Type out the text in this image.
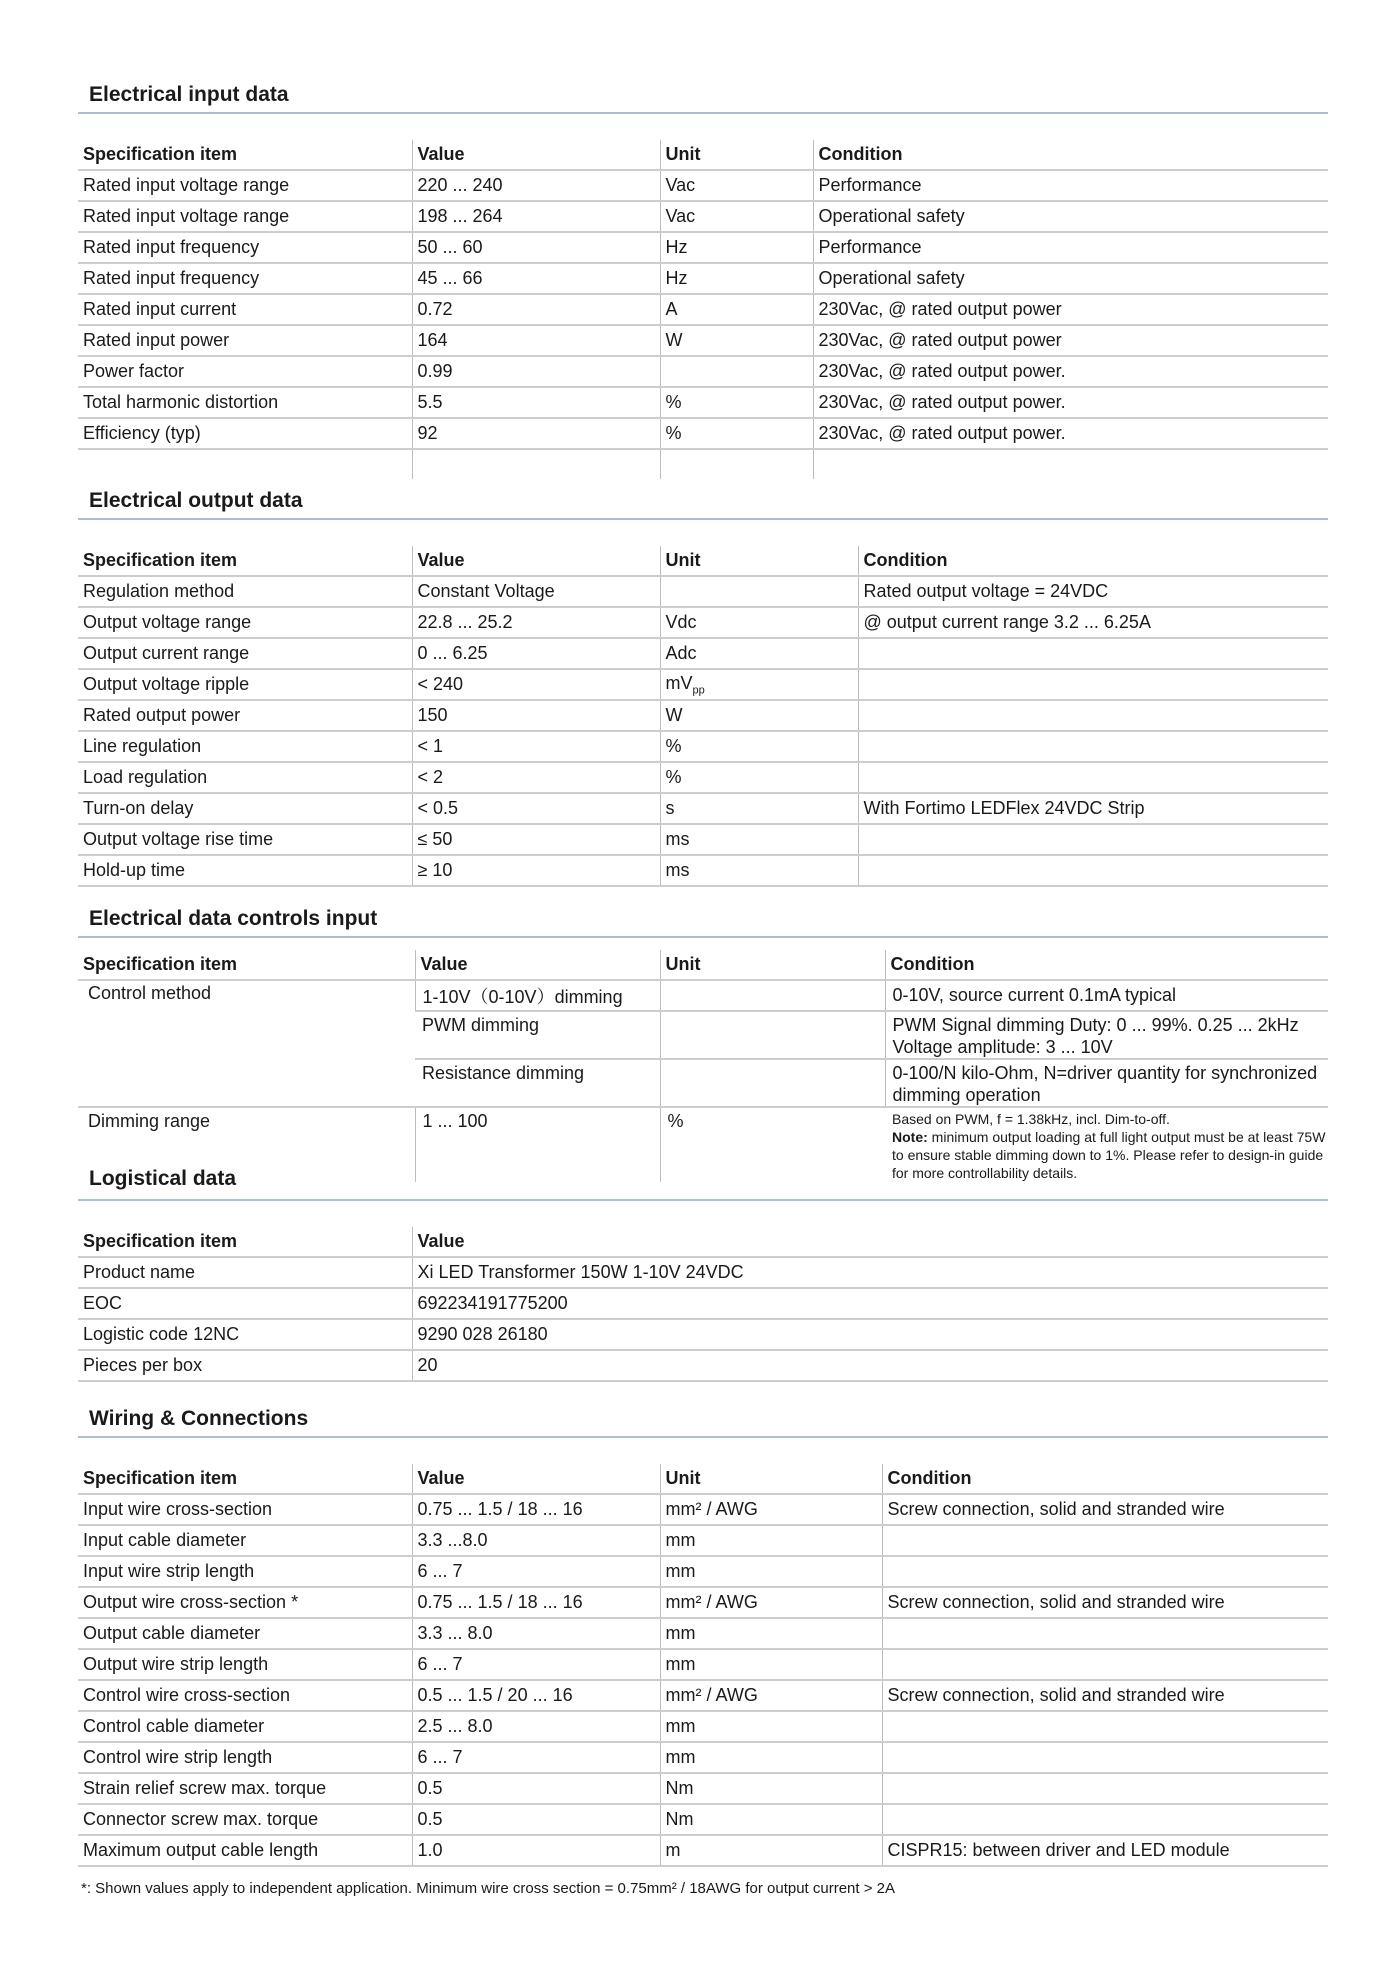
Electrical input data
Specification item	Value	Unit	Condition
Rated input voltage range	220 ... 240	Vac	Performance
Rated input voltage range	198 ... 264	Vac	Operational safety
Rated input frequency	50 ... 60	Hz	Performance
Rated input frequency	45 ... 66	Hz	Operational safety
Rated input current	0.72	A	230Vac, @ rated output power
Rated input power	164	W	230Vac, @ rated output power
Power factor	0.99		230Vac, @ rated output power.
Total harmonic distortion	5.5	%	230Vac, @ rated output power.
Efficiency (typ)	92	%	230Vac, @ rated output power.

Electrical output data
Specification item	Value	Unit	Condition
Regulation method	Constant Voltage		Rated output voltage = 24VDC
Output voltage range	22.8 ... 25.2	Vdc	@ output current range 3.2 ... 6.25A
Output current range	0 ... 6.25	Adc	
Output voltage ripple	< 240	$mV_{pp}$	
Rated output power	150	W	
Line regulation	< 1	%	
Load regulation	< 2	%	
Turn-on delay	< 0.5	s	With Fortimo LEDFlex 24VDC Strip
Output voltage rise time	≤ 50	ms	
Hold-up time	≥ 10	ms	
Electrical data controls input
Specification item	Value	Unit	Condition
Control method	1-10V（0-10V）dimming		0-10V, source current 0.1mA typical
	PWM dimming		PWM Signal dimming Duty: 0 ... 99%. 0.25 ... 2kHz Voltage amplitude: 3 ... 10V
	Resistance dimming		0-100/N kilo-Ohm, N=driver quantity for synchronized dimming operation
Dimming range	1 ... 100	%	Based on PWM, f = 1.38kHz, incl. Dim-to-off.
Note: minimum output loading at full light output must be at least 75W to ensure stable dimming down to 1%. Please refer to design-in guide for more controllability details.
Logistical data
Specification item	Value
Product name	Xi LED Transformer 150W 1-10V 24VDC
EOC	692234191775200
Logistic code 12NC	9290 028 26180
Pieces per box	20
Wiring & Connections
Specification item	Value	Unit	Condition
Input wire cross-section	0.75 ... 1.5 / 18 ... 16	mm² / AWG	Screw connection, solid and stranded wire
Input cable diameter	3.3 ...8.0	mm	
Input wire strip length	6 ... 7	mm	
Output wire cross-section *	0.75 ... 1.5 / 18 ... 16	mm² / AWG	Screw connection, solid and stranded wire
Output cable diameter	3.3 ... 8.0	mm	
Output wire strip length	6 ... 7	mm	
Control wire cross-section	0.5 ... 1.5 / 20 ... 16	mm² / AWG	Screw connection, solid and stranded wire
Control cable diameter	2.5 ... 8.0	mm	
Control wire strip length	6 ... 7	mm	
Strain relief screw max. torque	0.5	Nm	
Connector screw max. torque	0.5	Nm	
Maximum output cable length	1.0	m	CISPR15: between driver and LED module
*: Shown values apply to independent application. Minimum wire cross section = 0.75mm² / 18AWG for output current > 2A
